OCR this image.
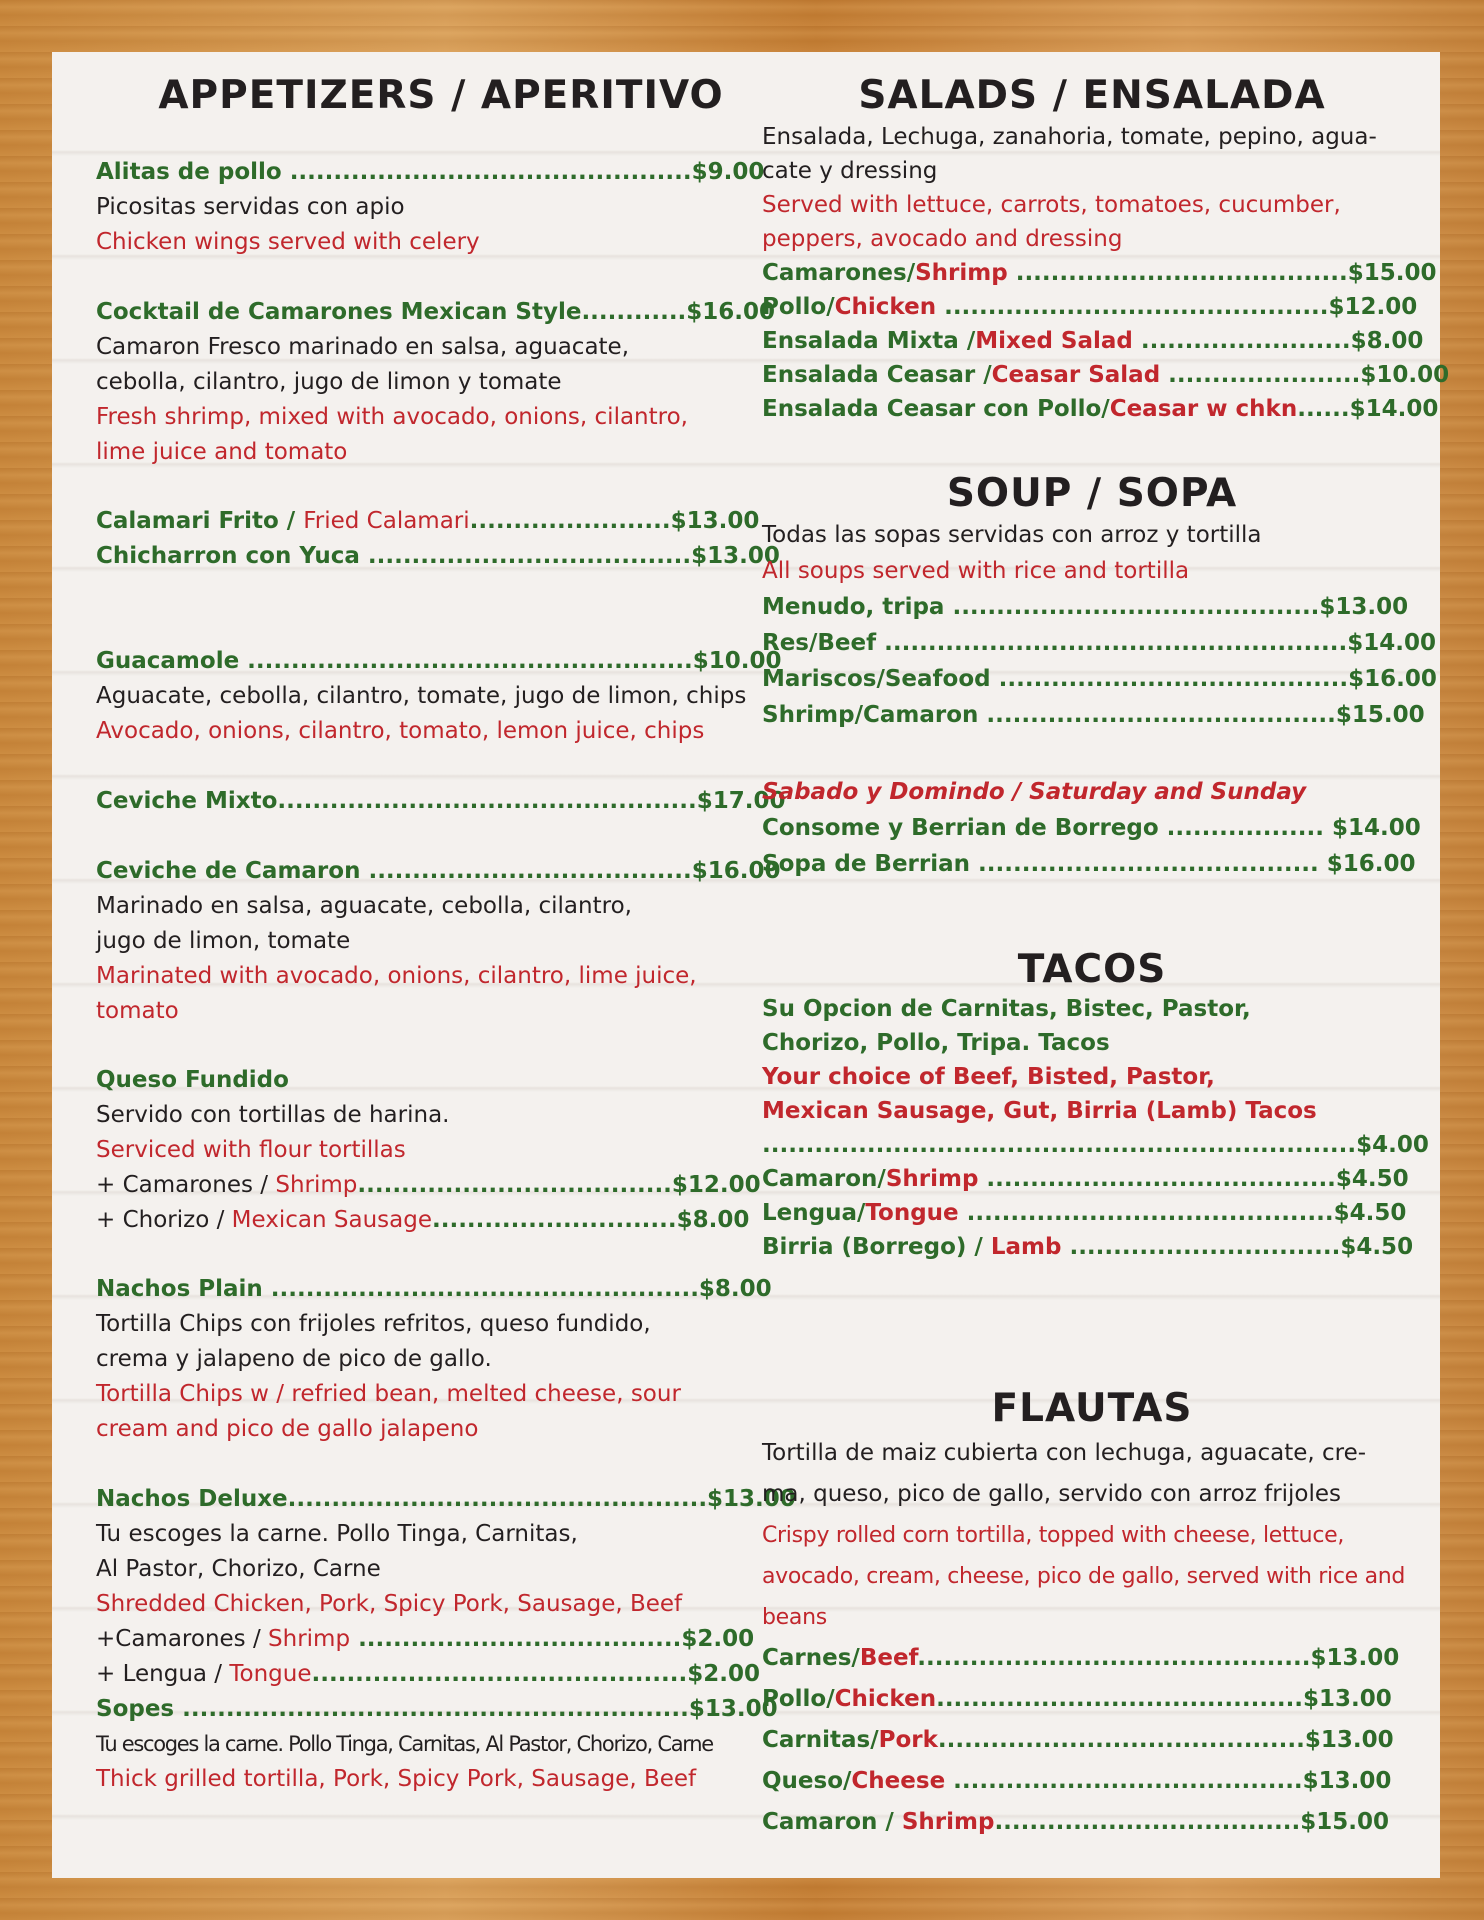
APPETIZERS / APERITIVO
Alitas de pollo ..............................................$9.00
Picositas servidas con apio
Chicken wings served with celery
Cocktail de Camarones Mexican Style............$16.00
Camaron Fresco marinado en salsa, aguacate,
cebolla, cilantro, jugo de limon y tomate
Fresh shrimp, mixed with avocado, onions, cilantro,
lime juice and tomato
Calamari Frito / Fried Calamari.......................$13.00
Chicharron con Yuca .....................................$13.00
Guacamole ...................................................$10.00
Aguacate, cebolla, cilantro, tomate, jugo de limon, chips
Avocado, onions, cilantro, tomato, lemon juice, chips
Ceviche Mixto................................................$17.00
Ceviche de Camaron .....................................$16.00
Marinado en salsa, aguacate, cebolla, cilantro,
jugo de limon, tomate
Marinated with avocado, onions, cilantro, lime juice,
tomato
Queso Fundido
Servido con tortillas de harina.
Serviced with flour tortillas
+ Camarones / Shrimp....................................$12.00
+ Chorizo / Mexican Sausage............................$8.00
Nachos Plain .................................................$8.00
Tortilla Chips con frijoles refritos, queso fundido,
crema y jalapeno de pico de gallo.
Tortilla Chips w / refried bean, melted cheese, sour
cream and pico de gallo jalapeno
Nachos Deluxe................................................$13.00
Tu escoges la carne. Pollo Tinga, Carnitas,
Al Pastor, Chorizo, Carne
Shredded Chicken, Pork, Spicy Pork, Sausage, Beef
+Camarones / Shrimp .....................................$2.00
+ Lengua / Tongue...........................................$2.00
Sopes ..........................................................$13.00
Tu escoges la carne. Pollo Tinga, Carnitas, Al Pastor, Chorizo, Carne
Thick grilled tortilla, Pork, Spicy Pork, Sausage, Beef
SALADS / ENSALADA
Ensalada, Lechuga, zanahoria, tomate, pepino, agua-
cate y dressing
Served with lettuce, carrots, tomatoes, cucumber,
peppers, avocado and dressing
Camarones/Shrimp ......................................$15.00
Pollo/Chicken ............................................$12.00
Ensalada Mixta /Mixed Salad ........................$8.00
Ensalada Ceasar /Ceasar Salad ......................$10.00
Ensalada Ceasar con Pollo/Ceasar w chkn......$14.00
SOUP / SOPA
Todas las sopas servidas con arroz y tortilla
All soups served with rice and tortilla
Menudo, tripa ..........................................$13.00
Res/Beef .....................................................$14.00
Mariscos/Seafood ........................................$16.00
Shrimp/Camaron ........................................$15.00
Sabado y Domindo / Saturday and Sunday
Consome y Berrian de Borrego .................. $14.00
Sopa de Berrian ....................................... $16.00
TACOS
Su Opcion de Carnitas, Bistec, Pastor,
Chorizo, Pollo, Tripa. Tacos
Your choice of Beef, Bisted, Pastor,
Mexican Sausage, Gut, Birria (Lamb) Tacos
....................................................................$4.00
Camaron/Shrimp ........................................$4.50
Lengua/Tongue ..........................................$4.50
Birria (Borrego) / Lamb ...............................$4.50
FLAUTAS
Tortilla de maiz cubierta con lechuga, aguacate, cre-
ma, queso, pico de gallo, servido con arroz frijoles
Crispy rolled corn tortilla, topped with cheese, lettuce,
avocado, cream, cheese, pico de gallo, served with rice and
beans
Carnes/Beef.............................................$13.00
Pollo/Chicken..........................................$13.00
Carnitas/Pork..........................................$13.00
Queso/Cheese ........................................$13.00
Camaron / Shrimp...................................$15.00
